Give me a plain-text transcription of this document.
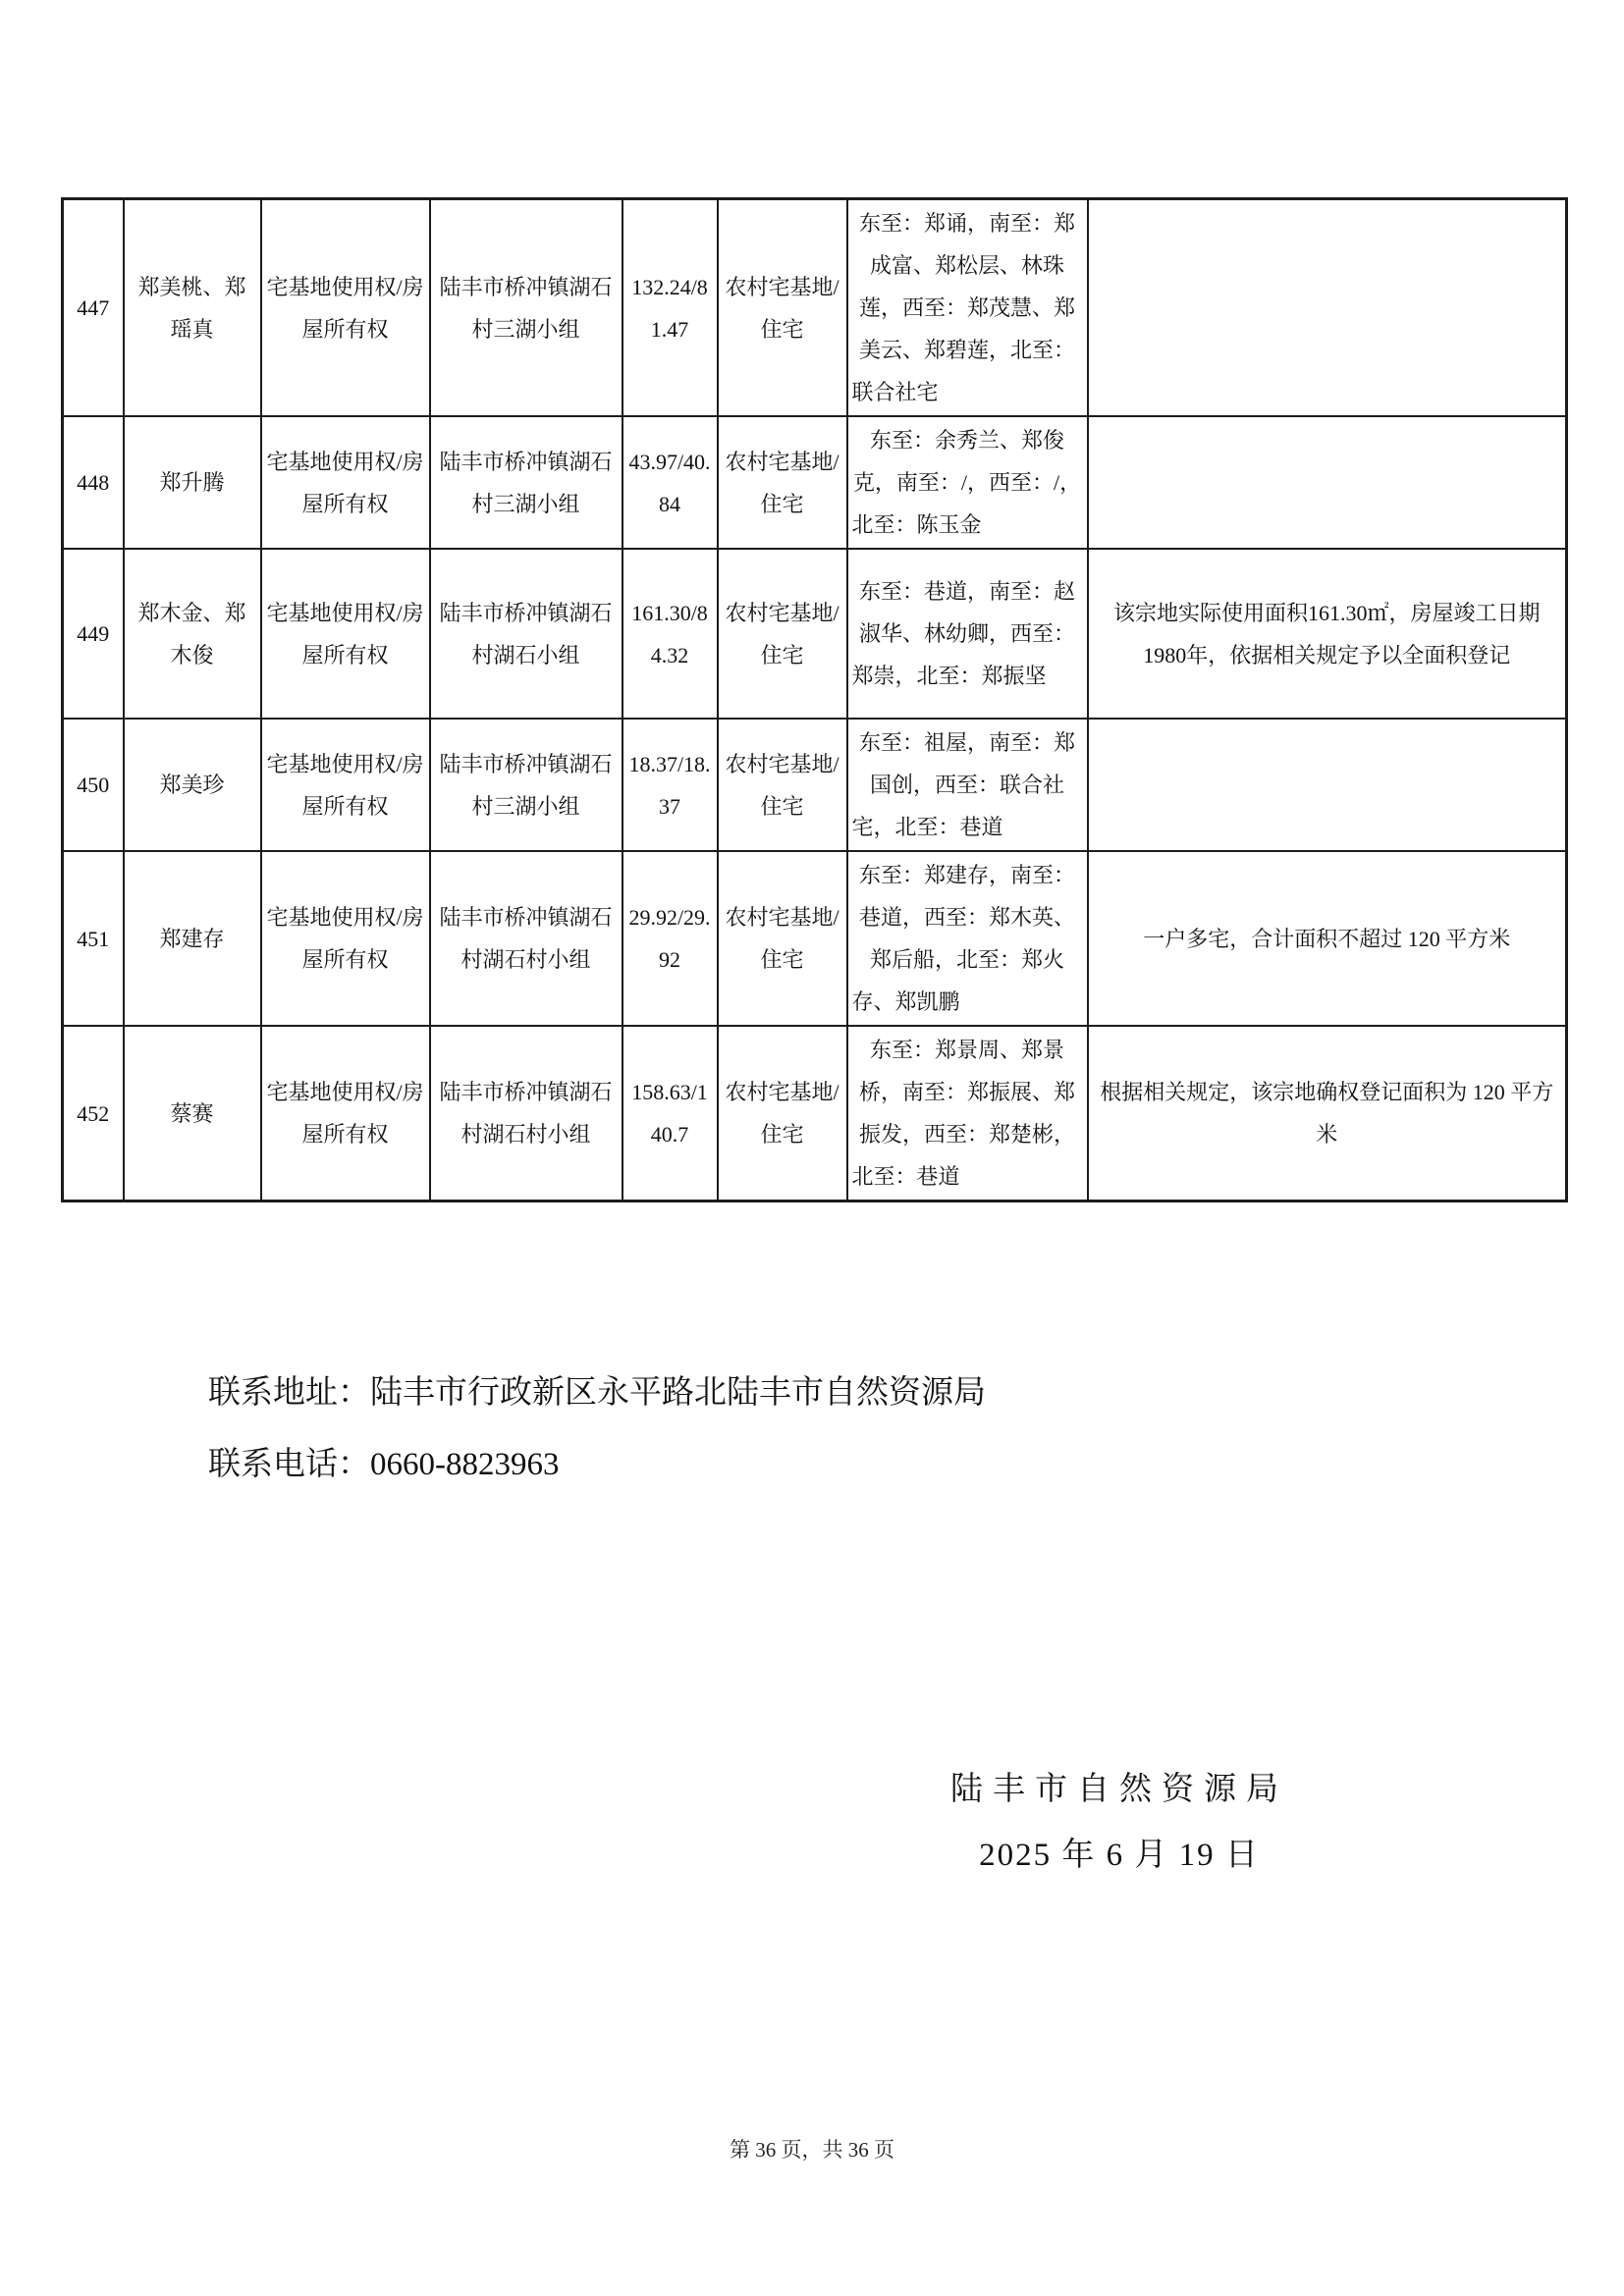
447	郑美桃、郑瑶真	宅基地使用权/房屋所有权	陆丰市桥冲镇湖石村三湖小组	132.24/81.47	农村宅基地/住宅	东至：郑诵，南至：郑成富、郑松层、林珠莲，西至：郑茂慧、郑美云、郑碧莲，北至：联合社宅	
448	郑升腾	宅基地使用权/房屋所有权	陆丰市桥冲镇湖石村三湖小组	43.97/40.84	农村宅基地/住宅	东至：余秀兰、郑俊克，南至：/，西至：/，北至：陈玉金	
449	郑木金、郑木俊	宅基地使用权/房屋所有权	陆丰市桥冲镇湖石村湖石小组	161.30/84.32	农村宅基地/住宅	东至：巷道，南至：赵淑华、林幼卿，西至：郑崇，北至：郑振坚	该宗地实际使用面积161.30㎡，房屋竣工日期1980年，依据相关规定予以全面积登记
450	郑美珍	宅基地使用权/房屋所有权	陆丰市桥冲镇湖石村三湖小组	18.37/18.37	农村宅基地/住宅	东至：祖屋，南至：郑国创，西至：联合社宅，北至：巷道	
451	郑建存	宅基地使用权/房屋所有权	陆丰市桥冲镇湖石村湖石村小组	29.92/29.92	农村宅基地/住宅	东至：郑建存，南至：巷道，西至：郑木英、郑后船，北至：郑火存、郑凯鹏	一户多宅，合计面积不超过 120 平方米
452	蔡赛	宅基地使用权/房屋所有权	陆丰市桥冲镇湖石村湖石村小组	158.63/140.7	农村宅基地/住宅	东至：郑景周、郑景桥，南至：郑振展、郑振发，西至：郑楚彬，北至：巷道	根据相关规定，该宗地确权登记面积为 120 平方米
联系地址：陆丰市行政新区永平路北陆丰市自然资源局
联系电话：0660-8823963
陆丰市自然资源局
2025 年 6 月 19 日
第 36 页，共 36 页
